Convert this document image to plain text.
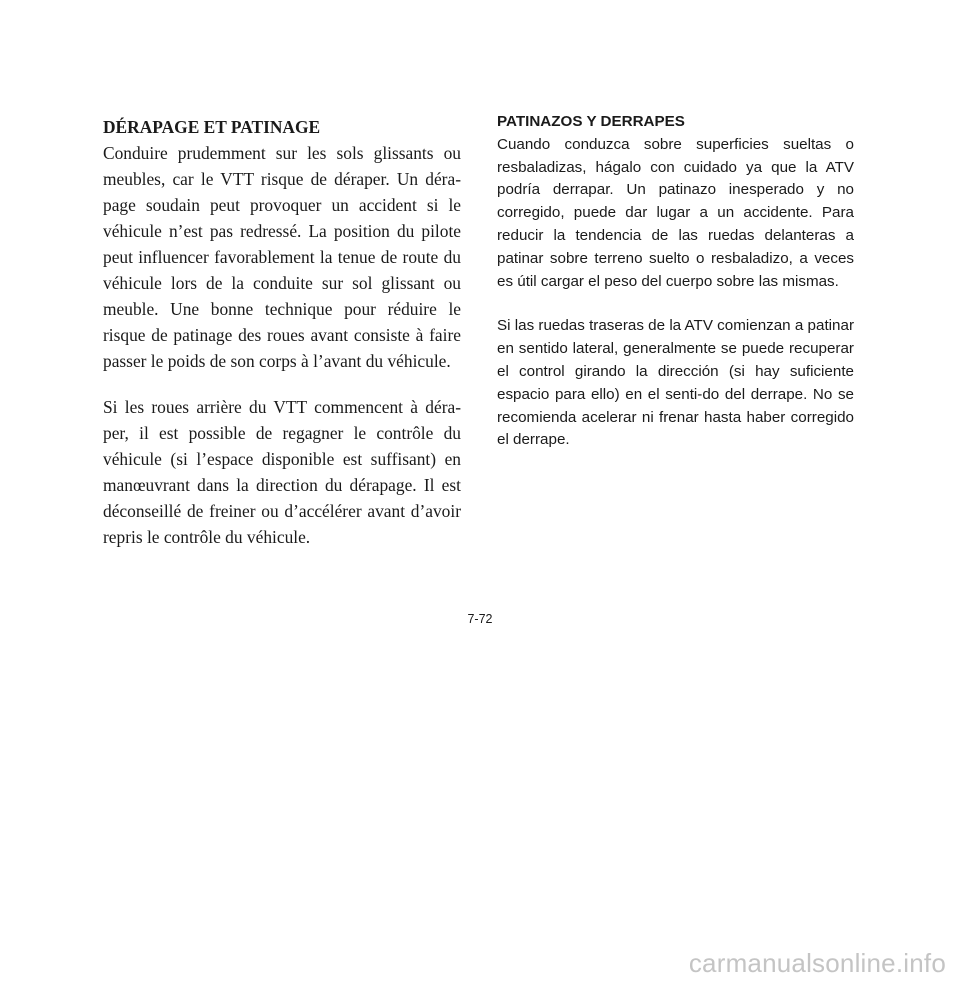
DÉRAPAGE ET PATINAGE

Conduire prudemment sur les sols glissants ou meubles, car le VTT risque de déraper. Un déra-page soudain peut provoquer un accident si le véhicule n’est pas redressé. La position du pilote peut influencer favorablement la tenue de route du véhicule lors de la conduite sur sol glissant ou meuble. Une bonne technique pour réduire le risque de patinage des roues avant consiste à faire passer le poids de son corps à l’avant du véhicule.

Si les roues arrière du VTT commencent à déra-per, il est possible de regagner le contrôle du véhicule (si l’espace disponible est suffisant) en manœuvrant dans la direction du dérapage. Il est déconseillé de freiner ou d’accélérer avant d’avoir repris le contrôle du véhicule.

PATINAZOS Y DERRAPES

Cuando conduzca sobre superficies sueltas o resbaladizas, hágalo con cuidado ya que la ATV podría derrapar. Un patinazo inesperado y no corregido, puede dar lugar a un accidente. Para reducir la tendencia de las ruedas delanteras a patinar sobre terreno suelto o resbaladizo, a veces es útil cargar el peso del cuerpo sobre las mismas.

Si las ruedas traseras de la ATV comienzan a patinar en sentido lateral, generalmente se puede recuperar el control girando la dirección (si hay suficiente espacio para ello) en el senti-do del derrape. No se recomienda acelerar ni frenar hasta haber corregido el derrape.

7-72
carmanualsonline.info
